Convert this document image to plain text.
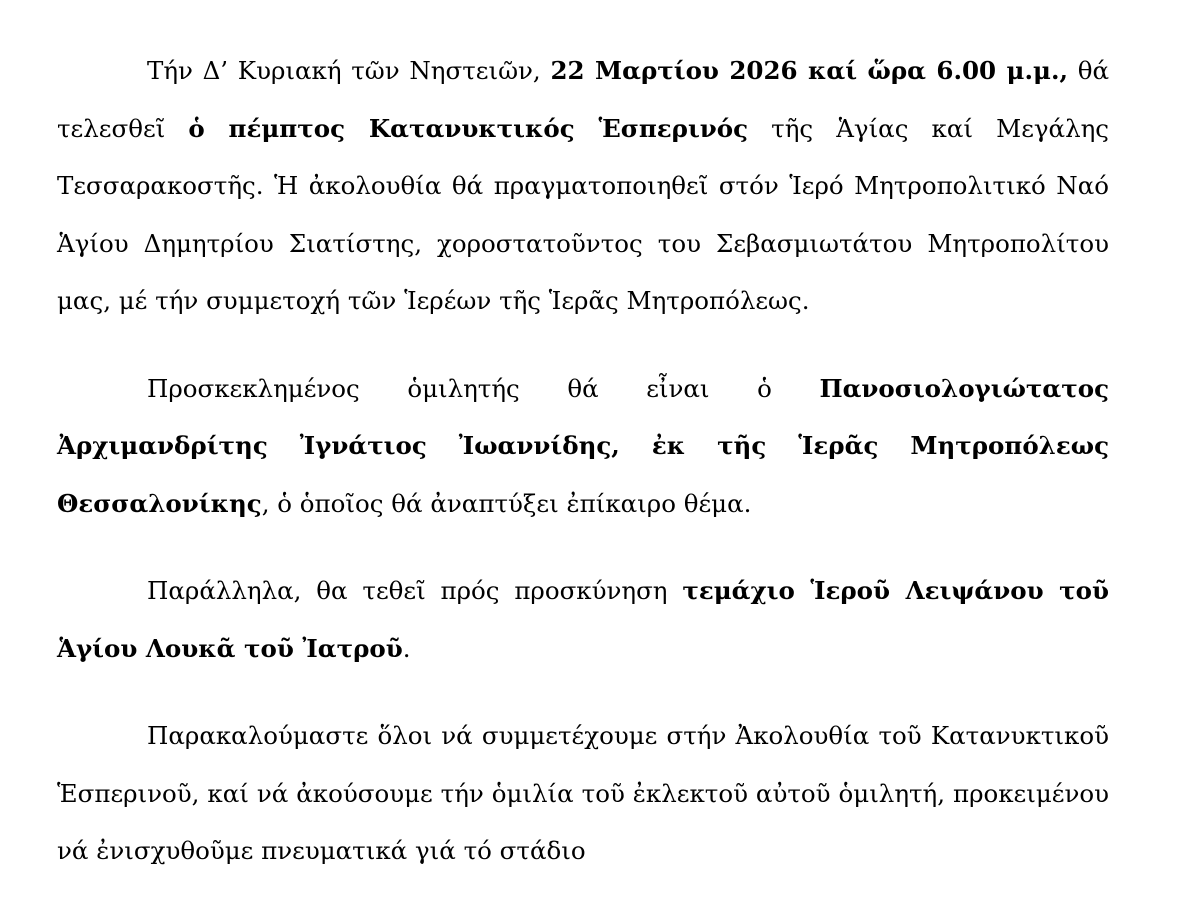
Τήν Δ’ Κυριακή τῶν Νηστειῶν, 22 Μαρτίου 2026 καί ὥρα 6.00 μ.μ., θά τελεσθεῖ ὁ πέμπτος Κατανυκτικός Ἑσπερινός τῆς Ἁγίας καί Μεγάλης Τεσσαρακοστῆς. Ἡ ἀκολουθία θά πραγματοποιηθεῖ στόν Ἱερό Μητροπολιτικό Ναό Ἁγίου Δημητρίου Σιατίστης, χοροστατοῦντος του Σεβασμιωτάτου Μητροπολίτου μας, μέ τήν συμμετοχή τῶν Ἱερέων τῆς Ἱερᾶς Μητροπόλεως.

Προσκεκλημένος ὁμιλητής θά εἶναι ὁ Πανοσιολογιώτατος Ἀρχιμανδρίτης Ἰγνάτιος Ἰωαννίδης, ἐκ τῆς Ἱερᾶς Μητροπόλεως Θεσσαλονίκης, ὁ ὁποῖος θά ἀναπτύξει ἐπίκαιρο θέμα.

Παράλληλα, θα τεθεῖ πρός προσκύνηση τεμάχιο Ἱεροῦ Λειψάνου τοῦ Ἁγίου Λουκᾶ τοῦ Ἰατροῦ.

Παρακαλούμαστε ὅλοι νά συμμετέχουμε στήν Ἀκολουθία τοῦ Κατανυκτικοῦ Ἑσπερινοῦ, καί νά ἀκούσουμε τήν ὁμιλία τοῦ ἐκλεκτοῦ αὐτοῦ ὁμιλητή, προκειμένου νά ἐνισχυθοῦμε πνευματικά γιά τό στάδιο
